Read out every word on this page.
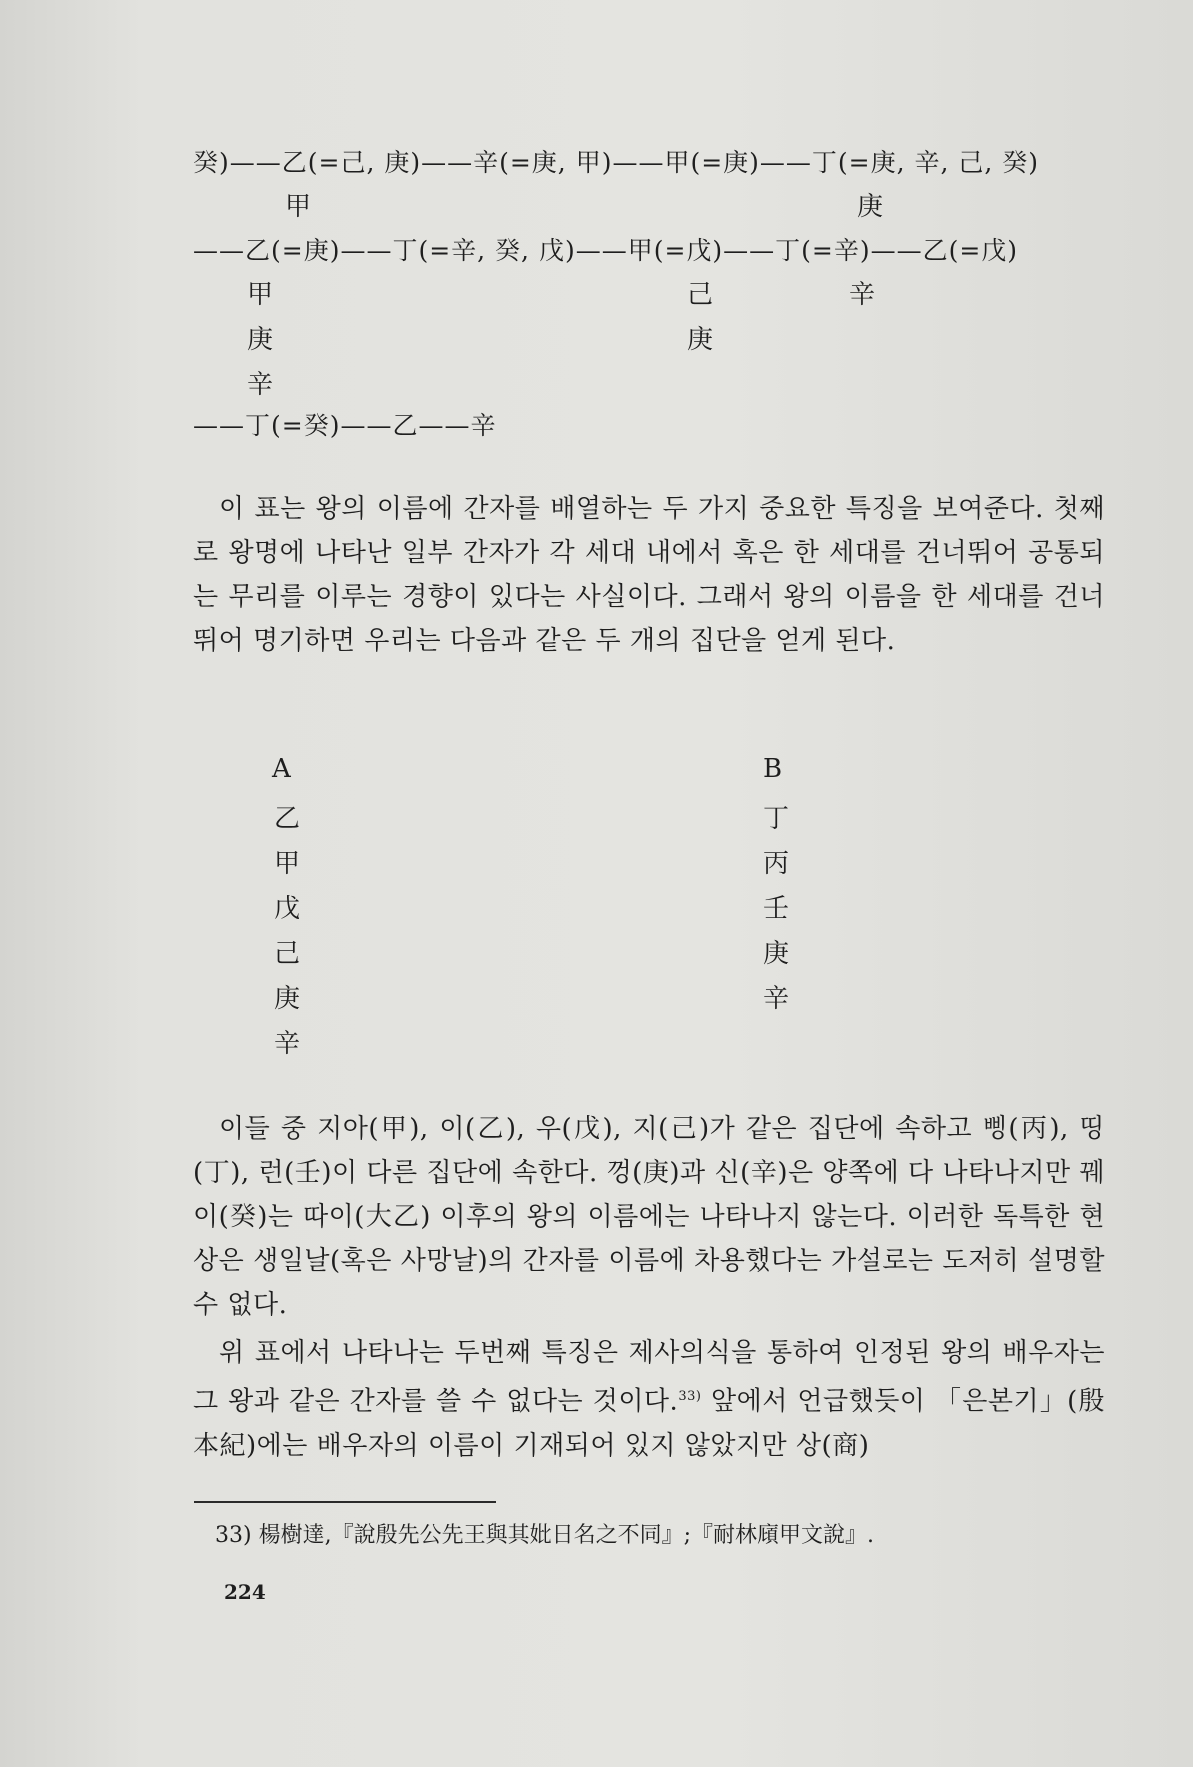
癸)——乙(=己, 庚)——辛(=庚, 甲)——甲(=庚)——丁(=庚, 辛, 己, 癸)
甲	庚
——乙(=庚)——丁(=辛, 癸, 戊)——甲(=戊)——丁(=辛)——乙(=戊)
甲
庚
辛
己
庚
辛
——丁(=癸)——乙——辛

이 표는 왕의 이름에 간자를 배열하는 두 가지 중요한 특징을 보여준다. 첫째로 왕명에 나타난 일부 간자가 각 세대 내에서 혹은 한 세대를 건너뛰어 공통되는 무리를 이루는 경향이 있다는 사실이다. 그래서 왕의 이름을 한 세대를 건너뛰어 명기하면 우리는 다음과 같은 두 개의 집단을 얻게 된다.

A
乙
甲
戊
己
庚
辛
B
丁
丙
壬
庚
辛

이들 중 지아(甲), 이(乙), 우(戊), 지(己)가 같은 집단에 속하고 삥(丙), 띵(丁), 런(壬)이 다른 집단에 속한다. 껑(庚)과 신(辛)은 양쪽에 다 나타나지만 꿰이(癸)는 따이(大乙) 이후의 왕의 이름에는 나타나지 않는다. 이러한 독특한 현상은 생일날(혹은 사망날)의 간자를 이름에 차용했다는 가설로는 도저히 설명할 수 없다.

위 표에서 나타나는 두번째 특징은 제사의식을 통하여 인정된 왕의 배우자는 그 왕과 같은 간자를 쓸 수 없다는 것이다.$^{33)}$ 앞에서 언급했듯이 「은본기」(殷本紀)에는 배우자의 이름이 기재되어 있지 않았지만 상(商)

33) 楊樹達,『說殷先公先王與其妣日名之不同』;『耐林廎甲文說』.
224
